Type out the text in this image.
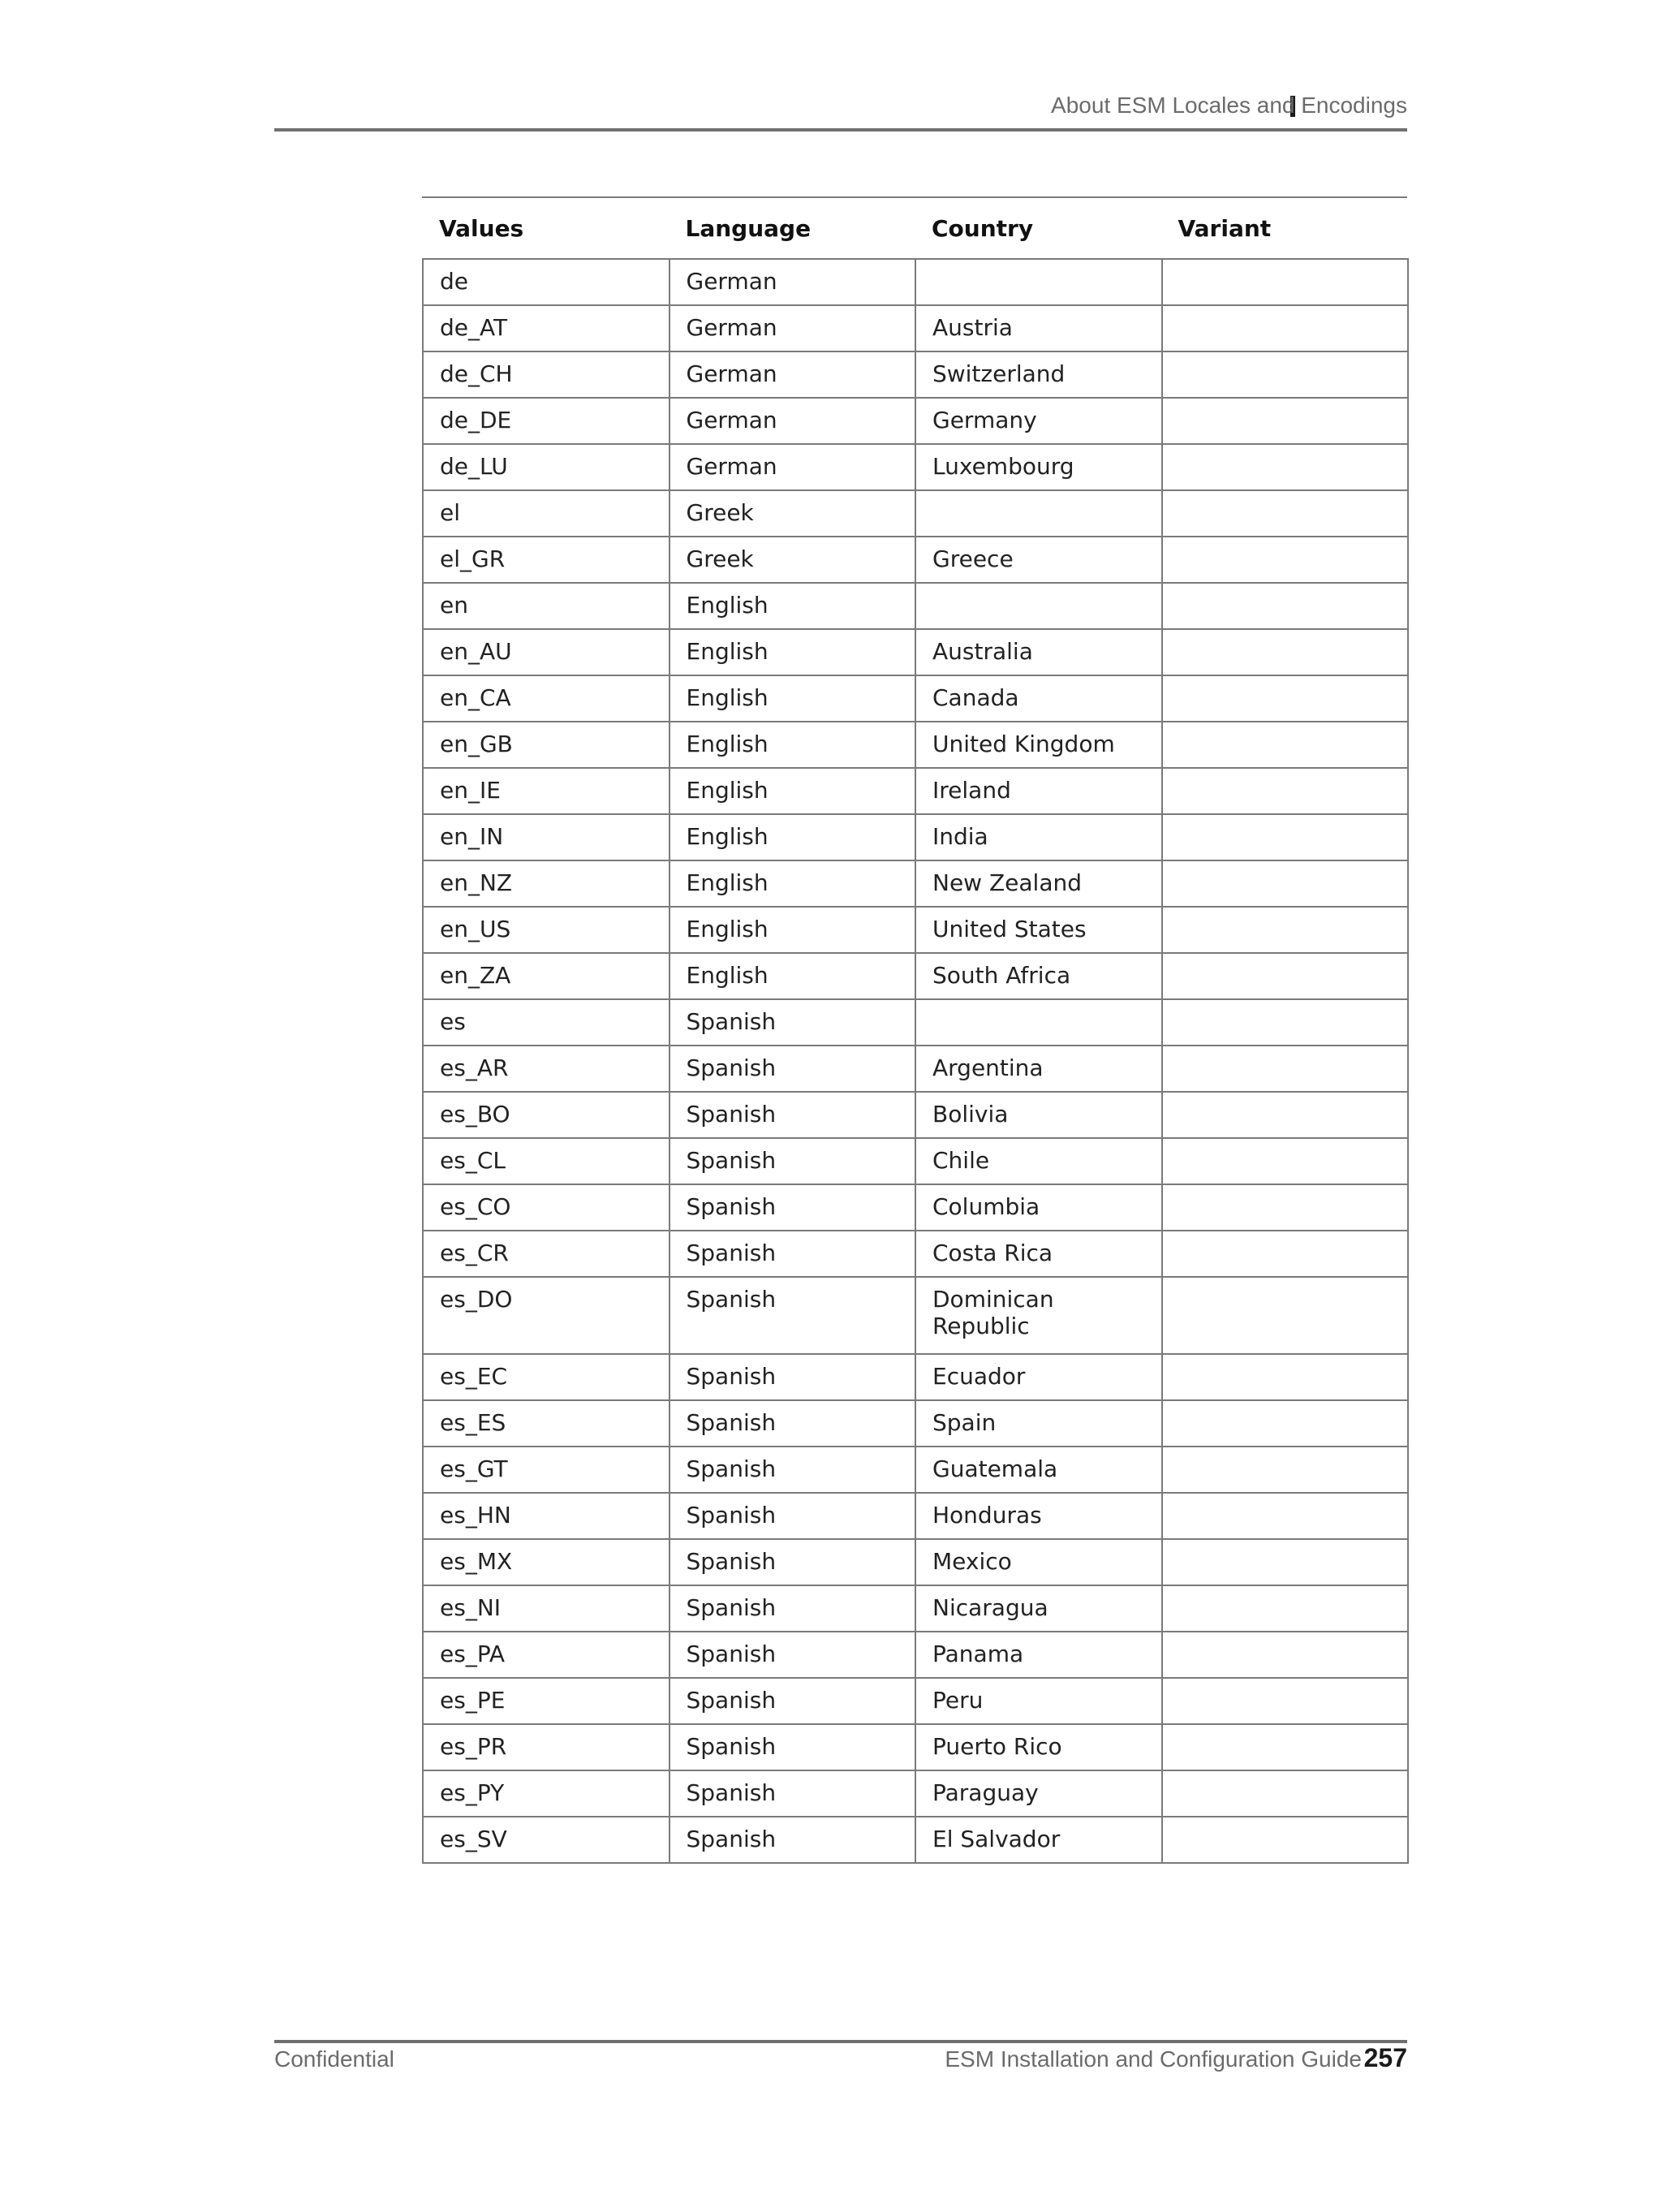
About ESM Locales and Encodings
Values	Language	Country	Variant
de	German		
de_AT	German	Austria	
de_CH	German	Switzerland	
de_DE	German	Germany	
de_LU	German	Luxembourg	
el	Greek		
el_GR	Greek	Greece	
en	English		
en_AU	English	Australia	
en_CA	English	Canada	
en_GB	English	United Kingdom	
en_IE	English	Ireland	
en_IN	English	India	
en_NZ	English	New Zealand	
en_US	English	United States	
en_ZA	English	South Africa	
es	Spanish		
es_AR	Spanish	Argentina	
es_BO	Spanish	Bolivia	
es_CL	Spanish	Chile	
es_CO	Spanish	Columbia	
es_CR	Spanish	Costa Rica	
es_DO	Spanish	Dominican Republic	
es_EC	Spanish	Ecuador	
es_ES	Spanish	Spain	
es_GT	Spanish	Guatemala	
es_HN	Spanish	Honduras	
es_MX	Spanish	Mexico	
es_NI	Spanish	Nicaragua	
es_PA	Spanish	Panama	
es_PE	Spanish	Peru	
es_PR	Spanish	Puerto Rico	
es_PY	Spanish	Paraguay	
es_SV	Spanish	El Salvador	
Confidential	ESM Installation and Configuration Guide 257
